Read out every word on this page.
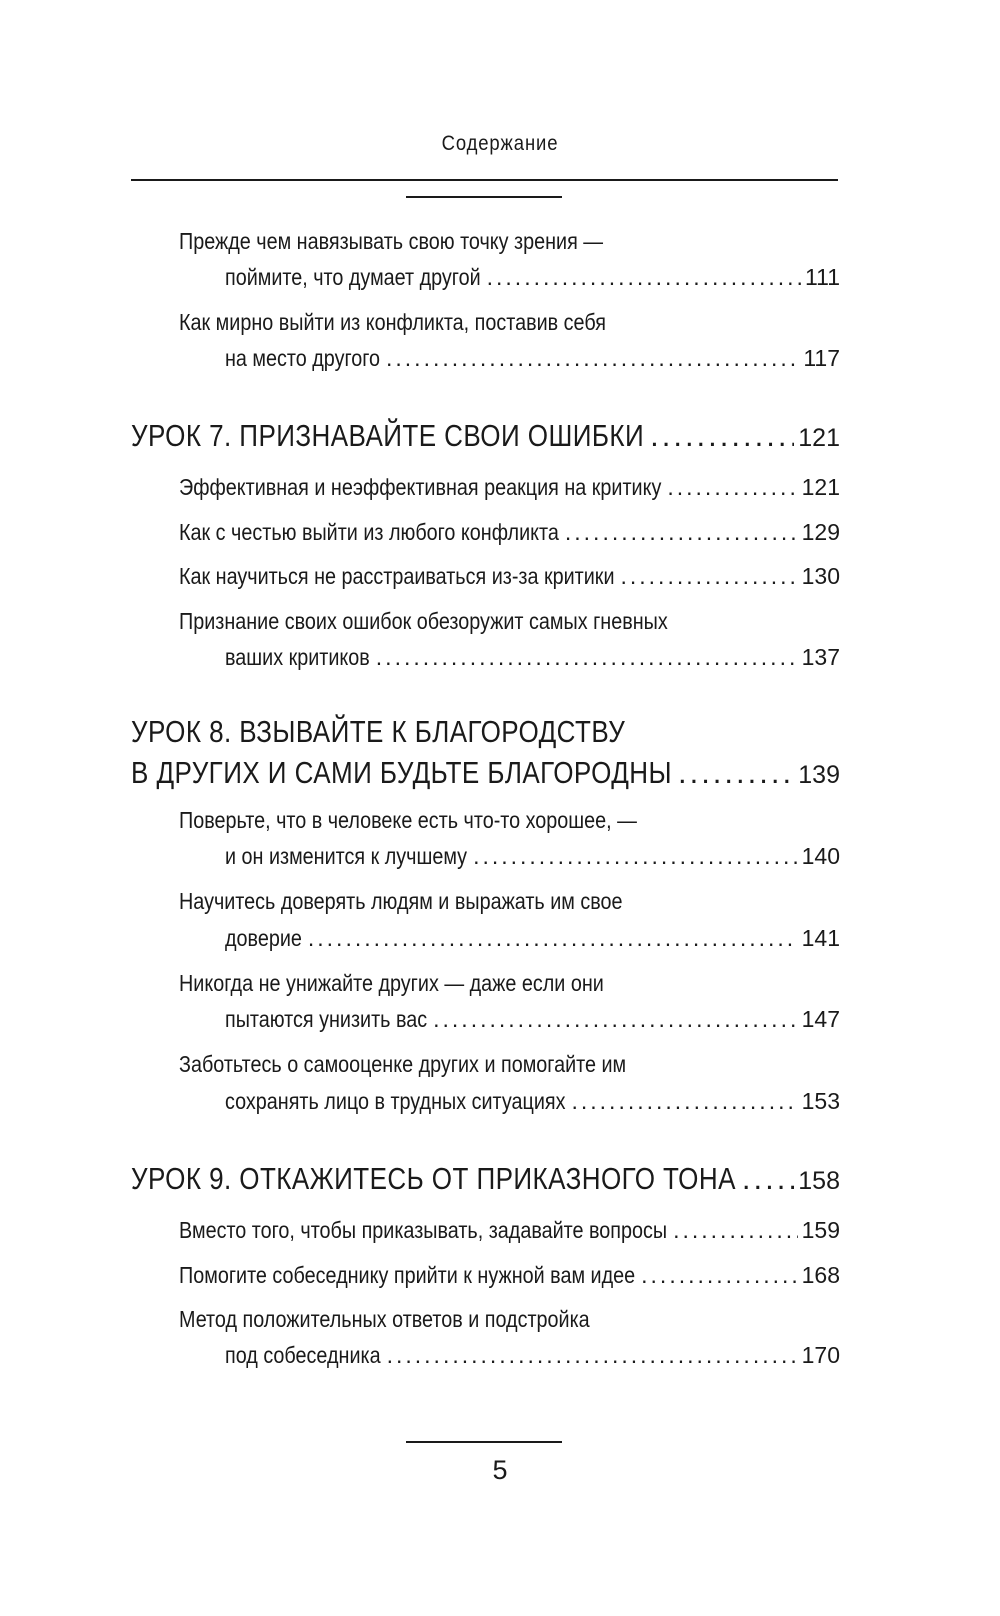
Содержание
Прежде чем навязывать свою точку зрения —
поймите, что думает другой .....	111
Как мирно выйти из конфликта, поставив себя
на место другого .....	117
УРОК 7. ПРИЗНАВАЙТЕ СВОИ ОШИБКИ .....	121
Эффективная и неэффективная реакция на критику .....	121
Как с честью выйти из любого конфликта .....	129
Как научиться не расстраиваться из-за критики .....	130
Признание своих ошибок обезоружит самых гневных
ваших критиков .....	137
УРОК 8. ВЗЫВАЙТЕ К БЛАГОРОДСТВУ
В ДРУГИХ И САМИ БУДЬТЕ БЛАГОРОДНЫ .....	139
Поверьте, что в человеке есть что-то хорошее, —
и он изменится к лучшему .....	140
Научитесь доверять людям и выражать им свое
доверие .....	141
Никогда не унижайте других — даже если они
пытаются унизить вас .....	147
Заботьтесь о самооценке других и помогайте им
сохранять лицо в трудных ситуациях .....	153
УРОК 9. ОТКАЖИТЕСЬ ОТ ПРИКАЗНОГО ТОНА ..... 158
Вместо того, чтобы приказывать, задавайте вопросы .....	159
Помогите собеседнику прийти к нужной вам идее .....	168
Метод положительных ответов и подстройка
под собеседника .....	170
5
